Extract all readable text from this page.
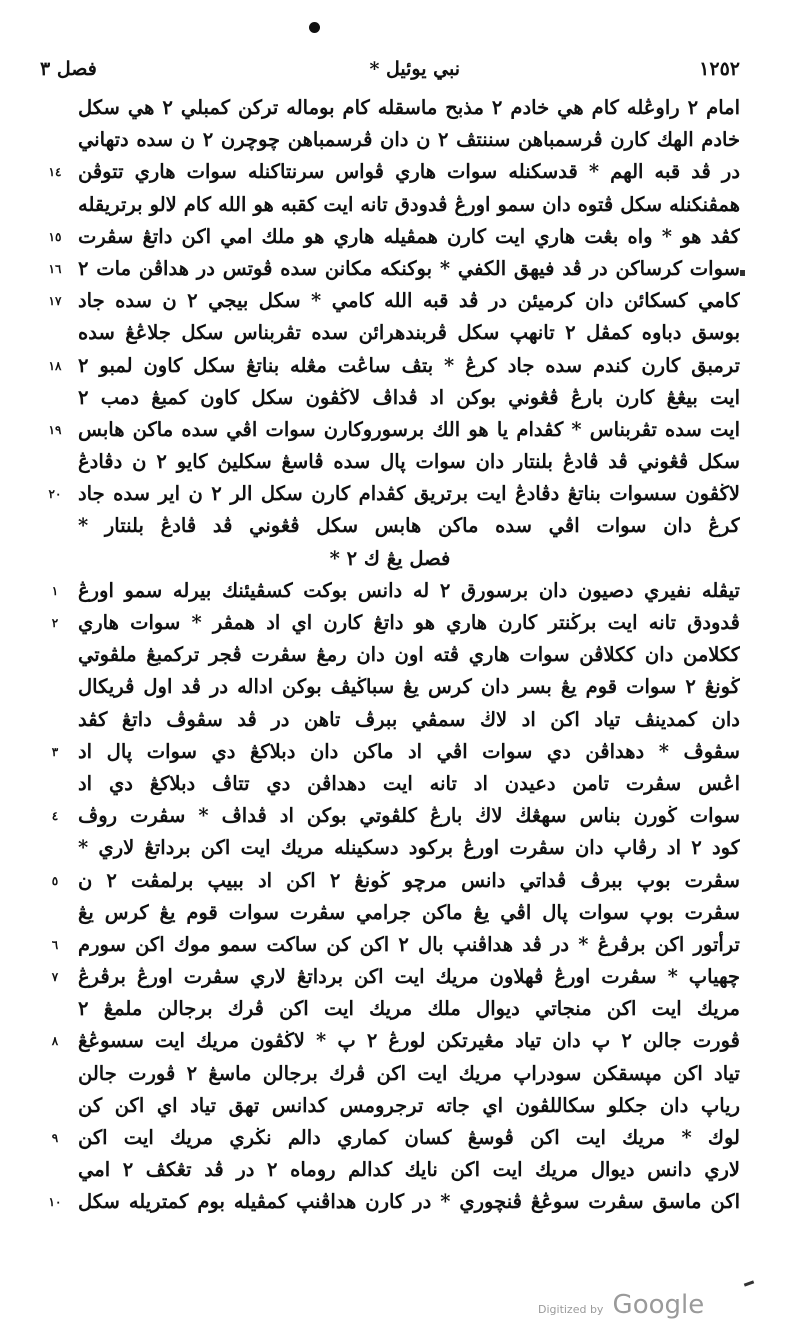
١٢٥٢
نبي يوئيل *
فصل ٣
امام ٢ راوڠله كام هي خادم ٢ مذبح ماسقله كام بوماله ترکن كمبلي ٢ هي سکل
خادم الهك كارن ڤرسمباهن سننتڤ ٢ ن دان ڤرسمباهن چوچرن ٢ ن سده دتهاني
١٤ در ڤد قبه الهم * قدسکنله سوات هاري ڤواس سرنتاكنله سوات هاري تتوڤن
همڤنكنله سکل ڤتوه دان سمو اورڠ ڤدودق تانه ايت كقبه هو الله كام لالو برتريقله
١٥ كڤد هو * واه بڠت هاري ايت كارن همڤيله هاري هو ملك امي اكن داتڠ سڤرت
١٦ سوات كرساكن در ڤد فيهق الكفي * بوكنكه مكانن سده ڤوتس در هداڤن مات ٢
١٧ كامي كسكائن دان كرميئن در ڤد قبه الله كامي * سکل بيجي ٢ ن سده جاد
بوسق دباوه كمڤل ٢ تانهپ سکل ڤربندهرائن سده تڤربناس سکل جلاڠڠ سده
١٨ ترمبق كارن كندم سده جاد كرڠ * بتڤ ساڠت مڠله بناتڠ سکل كاون لمبو ٢
ايت بيڠڠ كارن بارڠ ڤڠوني بوكن اد ڤداڤ لاڬڤون سکل كاون كمبڠ دمب ٢
١٩ ايت سده تڤربناس * كڤدام يا هو الك برسوروكارن سوات اڤي سده ماكن هابس
سکل ڤڠوني ڤد ڤادڠ بلنتار دان سوات پال سده ڤاسڠ سکليڽ كايو ٢ ن دڤادڠ
٢٠ لاڬڤون سسوات بناتڠ دڤادڠ ايت برتريق كڤدام كارن سکل الر ٢ ن اير سده جاد
كرڠ دان سوات اڤي سده ماكن هابس سکل ڤڠوني ڤد ڤادڠ بلنتار *
فصل يڠ ك ٢ *
١	تيڤله نفيري دصيون دان برسورق ٢ له دانس بوكت كسڤيئنك بيرله سمو اورڠ
٢	ڤدودق تانه ايت برڬنتر كارن هاري هو داتڠ كارن اي اد همڤر * سوات هاري
ككلامن دان ككلاڤن سوات هاري ڤته اون دان رمڠ سڤرت ڤجر تركمبڠ ملڤوتي
ڬونڠ ٢ سوات قوم يڠ بسر دان كرس يڠ سباڬيڤ بوكن اداله در ڤد اول ڤريكال
دان كمدينڤ تياد اكن اد لاڬ سمڤي ببرڤ تاهن در ڤد سڤوڤ داتڠ كڤد
٣	سڤوڤ * دهداڤن دي سوات اڤي اد ماكن دان دبلاكڠ دي سوات پال اد
اڠس سڤرت تامن دعيدن اد تانه ايت دهداڤن دي تتاڤ دبلاكڠ دي اد
٤	سوات ڬورن بناس سهڠڬ لاڬ بارڠ كلڤوتي بوكن اد ڤداڤ * سڤرت روڤ
كود ٢ اد رڤاپ دان سڤرت اورڠ بركود دسكينله مريك ايت اكن برداتڠ لاري *
٥	سڤرت بوپ ببرڤ ڤداتي دانس مرچو ڬونڠ ٢ اكن اد ببيپ برلمڤت ٢ ن
سڤرت بوپ سوات پال اڤي يڠ ماكن جرامي سڤرت سوات قوم يڠ كرس يڠ
٦	ترأتور اكن برڤرڠ * در ڤد هداڤنپ بال ٢ اكن كن ساكت سمو موك اكن سورم
٧	چهياپ * سڤرت اورڠ ڤهلاون مريك ايت اكن برداتڠ لاري سڤرت اورڠ برڤرڠ
مريك ايت اكن منجاتي ديوال ملك مريك ايت اكن ڤرك برجالن ملمڠ ٢
٨	ڤورت جالن ٢ پ دان تياد مڠيرتكن لورڠ ٢ پ * لاڬڤون مريك ايت سسوڠڠ
تياد اكن مپسقكن سودراپ مريك ايت اكن ڤرك برجالن ماسڠ ٢ ڤورت جالن
رياپ دان جكلو سكاللڤون اي جاته ترجرومس كدانس تهق تياد اي اكن كن
٩	لوك * مريك ايت اكن ڤوسڠ كسان كماري دالم نڬري مريك ايت اكن
لاري دانس ديوال مريك ايت اكن نايك كدالم روماه ٢ در ڤد تڠكڤ ٢ امي
١٠ اكن ماسق سڤرت سوڠڠ ڤنچوري * در كارن هداڤنپ كمڤيله بوم كمتريله سکل
Digitized by Google
